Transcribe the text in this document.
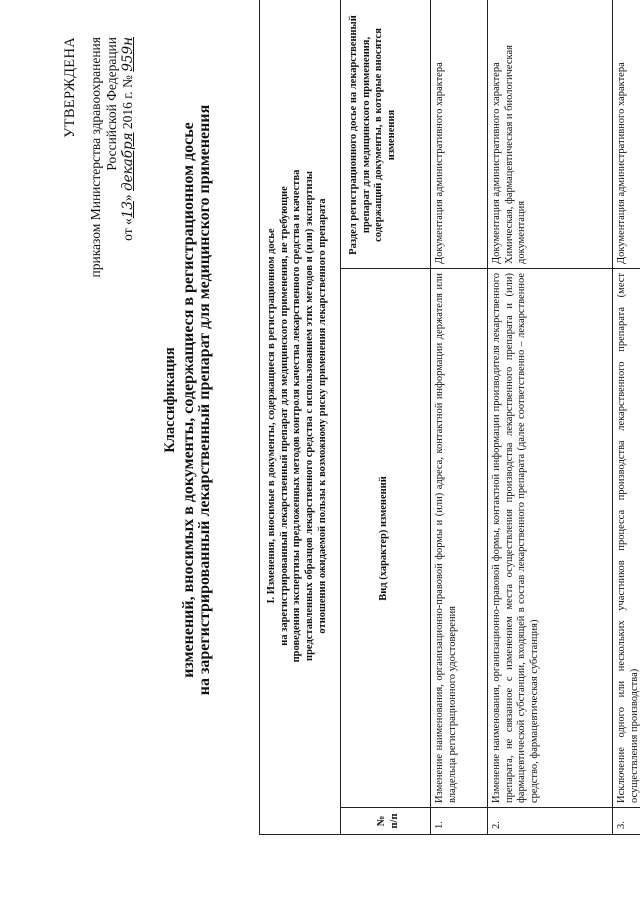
УТВЕРЖДЕНА приказом Министерства здравоохранения Российской Федерации
от «13» декабря 2016 г. № 959н
Классификация изменений, вносимых в документы, содержащиеся в регистрационном досье на зарегистрированный лекарственный препарат для медицинского применения	I. Изменения, вносимые в документы, содержащиеся в регистрационном досье на зарегистрированный лекарственный препарат для медицинского применения, не требующие проведения экспертизы предложенных методов контроля качества лекарственного средства и качества представленных образцов лекарственного средства с использованием этих методов и (или) экспертизы отношения ожидаемой пользы к возможному риску применения лекарственного препарата
№ п/п
Вид (характер) изменений
Раздел регистрационного досье на лекарственный препарат для медицинского применения, содержащий документы, в которые вносятся изменения
1.
Изменение наименования, организационно-правовой формы и (или) адреса, контактной информации держателя или владельца регистрационного удостоверения
Документация административного характера
2.
Изменение наименования, организационно-правовой формы, контактной информации производителя лекарственного препарата, не связанное с изменением места осуществления производства лекарственного препарата и (или) фармацевтической субстанции, входящей в состав лекарственного препарата (далее соответственно – лекарственное средство, фармацевтическая субстанция)
Документация административного характера Химическая, фармацевтическая и биологическая документация
3.
Исключение одного или нескольких участников процесса производства лекарственного препарата (мест осуществления производства)
Документация административного характера
